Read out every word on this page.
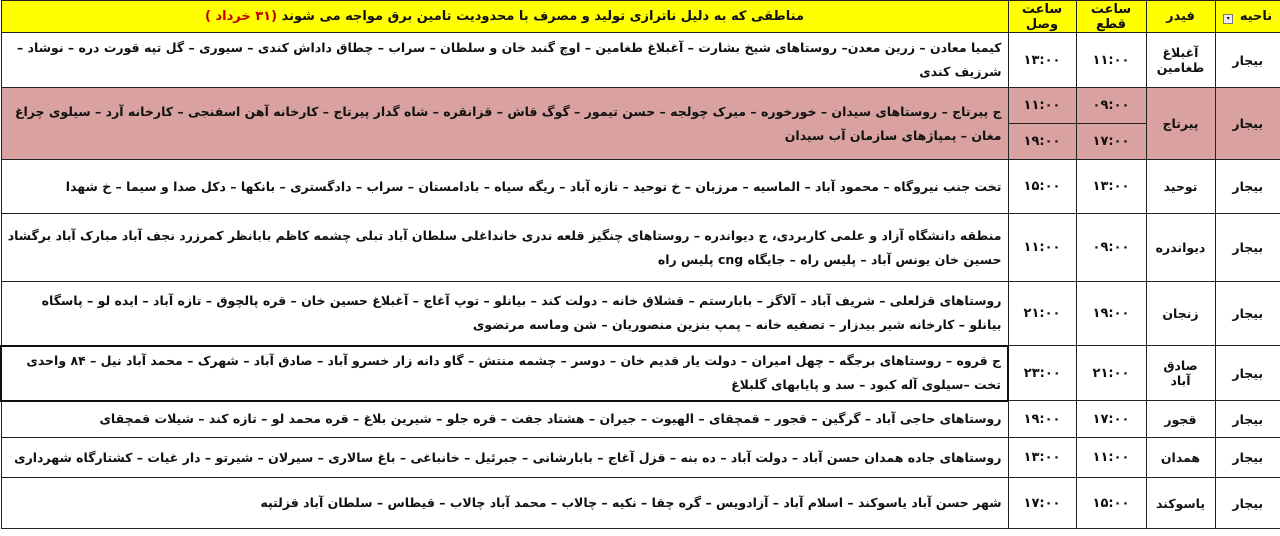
ناحیه ▾	فیدر	ساعت قطع	ساعت وصل	مناطقی که به دلیل ناترازی تولید و مصرف با محدودیت تامین برق مواجه می شوند (۳۱ خرداد )
بیجار	آغبلاغ طغامین	۱۱:۰۰	۱۳:۰۰	کیمیا معادن – زرین معدن– روستاهای شیخ بشارت – آغبلاغ طغامین – اوچ گنبد خان و سلطان – سراب – چطاق داداش کندی – سیوری – گل تپه قورت دره – نوشاد – شرزیف کندی
بیجار	پیرتاج	۰۹:۰۰	۱۱:۰۰	ج پیرتاج – روستاهای سیدان – خورخوره – میرک چولجه – حسن تیمور – گوگ قاش – قزانقره – شاه گدار پیرتاج – کارخانه آهن اسفنجی – کارخانه آرد – سیلوی چراغ مغان – پمپاژهای سازمان آب سیدان
		۱۷:۰۰	۱۹:۰۰	
بیجار	توحید	۱۳:۰۰	۱۵:۰۰	تخت جنب نیروگاه – محمود آباد – الماسیه – مرزبان – خ توحید – تازه آباد – ریگه سیاه – بادامستان – سراب – دادگستری – بانکها – دکل صدا و سیما – خ شهدا
بیجار	دیواندره	۰۹:۰۰	۱۱:۰۰	منطقه دانشگاه آزاد و علمی کاربردی، ج دیواندره – روستاهای چنگیز قلعه ندری خانداغلی سلطان آباد تبلی چشمه کاظم بابانظر کمرزرد نجف آباد مبارک آباد برگشاد حسین خان یونس آباد – پلیس راه – جایگاه cng پلیس راه
بیجار	زنجان	۱۹:۰۰	۲۱:۰۰	روستاهای قزلعلی – شریف آباد – آلاگز – بابارستم – قشلاق خانه – دولت کند – بیانلو – توپ آغاج – آغبلاغ حسین خان – قره پالچوق – تازه آباد – ایده لو – پاسگاه بیانلو – کارخانه شیر بیدزار – تصفیه خانه – پمپ بنزین منصوریان – شن وماسه مرتضوی
بیجار	صادق آباد	۲۱:۰۰	۲۳:۰۰	ج قروه – روستاهای برجگه – چهل امیران – دولت یار قدیم خان – دوسر – چشمه منتش – گاو دانه زار خسرو آباد – صادق آباد – شهرک – محمد آباد نیل – ۸۴ واحدی تخت –سیلوی آله کبود – سد و پایابهای گلبلاغ
بیجار	قجور	۱۷:۰۰	۱۹:۰۰	روستاهای حاجی آباد – گرگین – قجور – قمچقای – الهیوت – جیران – هشتاد جفت – قره جلو – شیرین بلاغ – قره محمد لو – تازه کند – شیلات قمچقای
بیجار	همدان	۱۱:۰۰	۱۳:۰۰	روستاهای جاده همدان حسن آباد – دولت آباد – ده بنه – قزل آغاج – بابارشانی – جبرئیل – خانباغی – باغ سالاری – سیرلان – شیرتو – دار غیات – کشتارگاه شهرداری
بیجار	یاسوکند	۱۵:۰۰	۱۷:۰۰	شهر حسن آباد یاسوکند – اسلام آباد – آزادویس – گره چقا – نکیه – چالاب – محمد آباد چالاب – قیطاس – سلطان آباد قزلتپه
